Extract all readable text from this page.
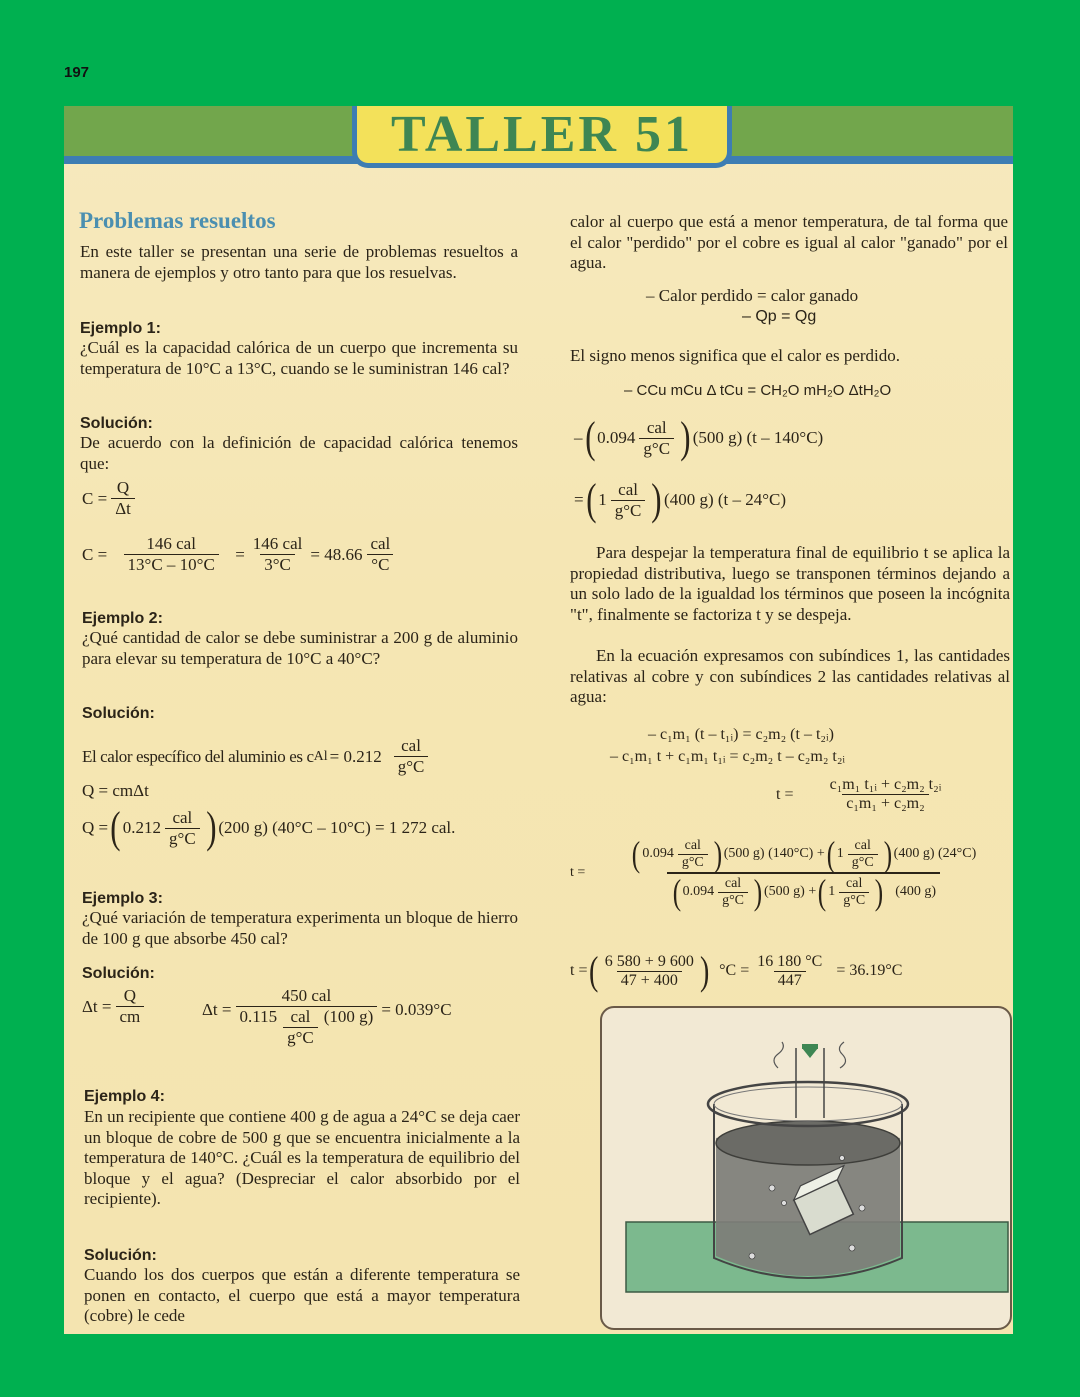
197
TALLER 51
Problemas resueltos
En este taller se presentan una serie de problemas resueltos a manera de ejemplos y otro tanto para que los resuelvas.
Ejemplo 1:
¿Cuál es la capacidad calórica de un cuerpo que incrementa su temperatura de 10°C a 13°C, cuando se le suministran 146 cal?
Solución:
De acuerdo con la definición de capacidad calórica tenemos que:
$C = \frac{Q}{\Delta t}$
$C = \frac{\text{146 cal}}{13^\circ C - 10^\circ C} = \frac{\text{146 cal}}{3^\circ C} = 48.66 \frac{\text{cal}}{^\circ C}$
Ejemplo 2:
¿Qué cantidad de calor se debe suministrar a 200 g de aluminio para elevar su temperatura de 10°C a 40°C?
Solución:
El calor específico del aluminio es c $Al = 0.212 \frac{\text{cal}}{g^\circ C}$
Q = cmΔt
Q = ( $0.212 \frac{\text{cal}}{g^\circ C}$ ) (200 g) (40°C – 10°C) = 1 272 cal.
Ejemplo 3:
¿Qué variación de temperatura experimenta un bloque de hierro de 100 g que absorbe 450 cal?
Solución:
$\Delta t = \frac{Q}{cm}$	$\Delta t = \frac{\text{450 cal}}{0.115 \frac{\text{cal}}{g^\circ C} (100 g)} = 0.039^\circ C$
Ejemplo 4:
En un recipiente que contiene 400 g de agua a 24°C se deja caer un bloque de cobre de 500 g que se encuentra inicialmente a la temperatura de 140°C. ¿Cuál es la temperatura de equilibrio del bloque y el agua? (Despreciar el calor absorbido por el recipiente).
Solución:
Cuando los dos cuerpos que están a diferente temperatura se ponen en contacto, el cuerpo que está a mayor temperatura (cobre) le cede
calor al cuerpo que está a menor temperatura, de tal forma que el calor "perdido" por el cobre es igual al calor "ganado" por el agua.
– Calor perdido = calor ganado
– Qp = Qg
El signo menos significa que el calor es perdido.
– CCu mCu Δ tCu = CH₂O mH₂O ΔtH₂O
– ( $0.094 \frac{\text{cal}}{g^\circ C}$ ) (500 g) (t – 140°C)
= ( $1 \frac{\text{cal}}{g^\circ C}$ ) (400 g) (t – 24°C)
Para despejar la temperatura final de equilibrio t se aplica la propiedad distributiva, luego se transponen términos dejando a un solo lado de la igualdad los términos que poseen la incógnita "t", finalmente se factoriza t y se despeja.
En la ecuación expresamos con subíndices 1, las cantidades relativas al cobre y con subíndices 2 las cantidades relativas al agua:
– c₁m₁ (t – t₁ᵢ) = c₂m₂ (t – t₂ᵢ)
– c₁m₁ t + c₁m₁ t₁ᵢ = c₂m₂ t – c₂m₂ t₂ᵢ
$t = \frac{\text{c₁m₁ t₁ᵢ + c₂m₂ t₂ᵢ}}{\text{c₁m₁ + c₂m₂}}$
t = ( $0.094 \frac{\text{cal}}{g^\circ C}$ ) (500 g) (140°C) + ( $1 \frac{\text{cal}}{g^\circ C}$ ) (400 g) (24°C)
( $0.094 \frac{\text{cal}}{g^\circ C}$ ) (500 g) + ( $1 \frac{\text{cal}}{g^\circ C}$ ) (400 g)
t = ( $\frac{6 580 + 9 600}{47 + 400}$ ) $^\circ C = \frac{16 180 ^\circ C}{447} = 36.19^\circ C$
